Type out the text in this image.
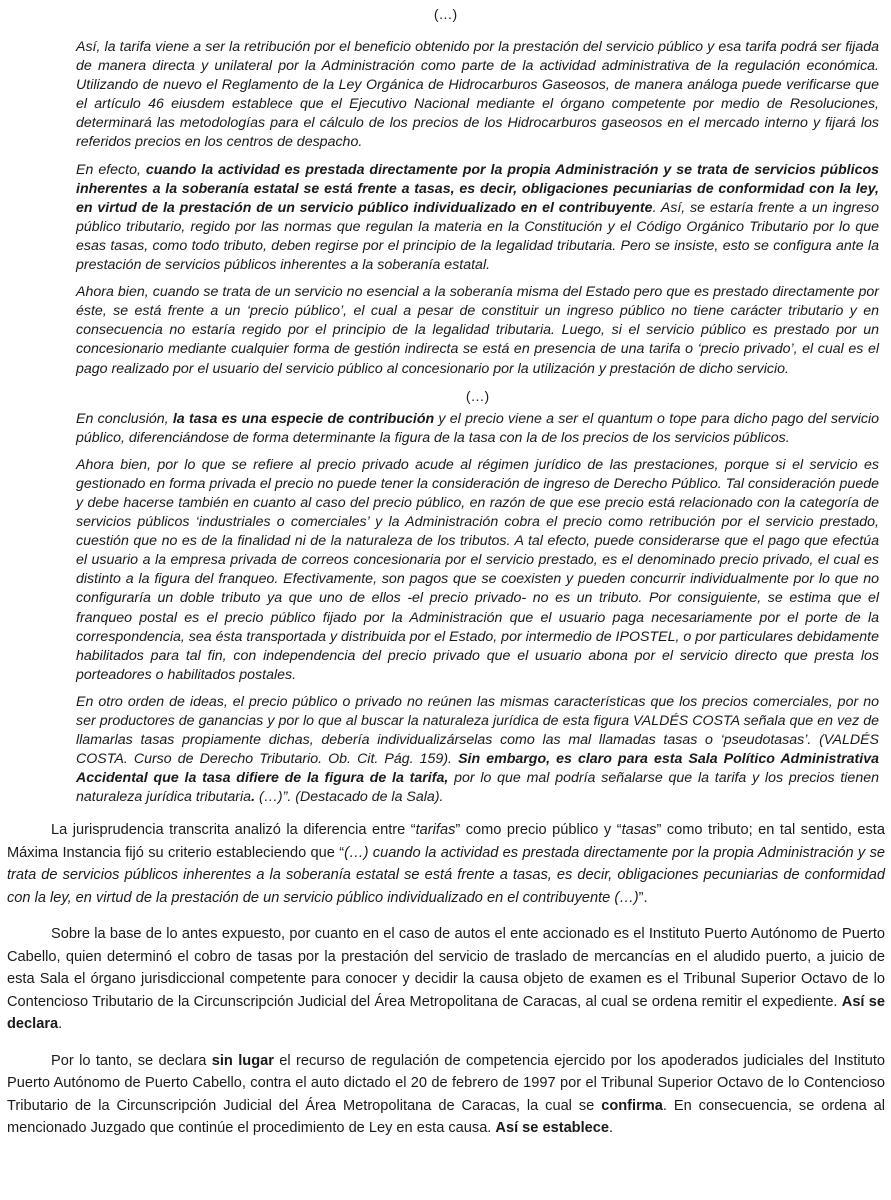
(…)

Así, la tarifa viene a ser la retribución por el beneficio obtenido por la prestación del servicio público y esa tarifa podrá ser fijada de manera directa y unilateral por la Administración como parte de la actividad administrativa de la regulación económica. Utilizando de nuevo el Reglamento de la Ley Orgánica de Hidrocarburos Gaseosos, de manera análoga puede verificarse que el artículo 46 eiusdem establece que el Ejecutivo Nacional mediante el órgano competente por medio de Resoluciones, determinará las metodologías para el cálculo de los precios de los Hidrocarburos gaseosos en el mercado interno y fijará los referidos precios en los centros de despacho.

En efecto, cuando la actividad es prestada directamente por la propia Administración y se trata de servicios públicos inherentes a la soberanía estatal se está frente a tasas, es decir, obligaciones pecuniarias de conformidad con la ley, en virtud de la prestación de un servicio público individualizado en el contribuyente. Así, se estaría frente a un ingreso público tributario, regido por las normas que regulan la materia en la Constitución y el Código Orgánico Tributario por lo que esas tasas, como todo tributo, deben regirse por el principio de la legalidad tributaria. Pero se insiste, esto se configura ante la prestación de servicios públicos inherentes a la soberanía estatal.

Ahora bien, cuando se trata de un servicio no esencial a la soberanía misma del Estado pero que es prestado directamente por éste, se está frente a un ‘precio público’, el cual a pesar de constituir un ingreso público no tiene carácter tributario y en consecuencia no estaría regido por el principio de la legalidad tributaria. Luego, si el servicio público es prestado por un concesionario mediante cualquier forma de gestión indirecta se está en presencia de una tarifa o ‘precio privado’, el cual es el pago realizado por el usuario del servicio público al concesionario por la utilización y prestación de dicho servicio.

(…)

En conclusión, la tasa es una especie de contribución y el precio viene a ser el quantum o tope para dicho pago del servicio público, diferenciándose de forma determinante la figura de la tasa con la de los precios de los servicios públicos.

Ahora bien, por lo que se refiere al precio privado acude al régimen jurídico de las prestaciones, porque si el servicio es gestionado en forma privada el precio no puede tener la consideración de ingreso de Derecho Público. Tal consideración puede y debe hacerse también en cuanto al caso del precio público, en razón de que ese precio está relacionado con la categoría de servicios públicos ‘industriales o comerciales’ y la Administración cobra el precio como retribución por el servicio prestado, cuestión que no es de la finalidad ni de la naturaleza de los tributos. A tal efecto, puede considerarse que el pago que efectúa el usuario a la empresa privada de correos concesionaria por el servicio prestado, es el denominado precio privado, el cual es distinto a la figura del franqueo. Efectivamente, son pagos que se coexisten y pueden concurrir individualmente por lo que no configuraría un doble tributo ya que uno de ellos -el precio privado- no es un tributo. Por consiguiente, se estima que el franqueo postal es el precio público fijado por la Administración que el usuario paga necesariamente por el porte de la correspondencia, sea ésta transportada y distribuida por el Estado, por intermedio de IPOSTEL, o por particulares debidamente habilitados para tal fin, con independencia del precio privado que el usuario abona por el servicio directo que presta los porteadores o habilitados postales.

En otro orden de ideas, el precio público o privado no reúnen las mismas características que los precios comerciales, por no ser productores de ganancias y por lo que al buscar la naturaleza jurídica de esta figura VALDÉS COSTA señala que en vez de llamarlas tasas propiamente dichas, debería individualizárselas como las mal llamadas tasas o ‘pseudotasas’. (VALDÉS COSTA. Curso de Derecho Tributario. Ob. Cit. Pág. 159). Sin embargo, es claro para esta Sala Político Administrativa Accidental que la tasa difiere de la figura de la tarifa, por lo que mal podría señalarse que la tarifa y los precios tienen naturaleza jurídica tributaria. (…)”. (Destacado de la Sala).

La jurisprudencia transcrita analizó la diferencia entre “tarifas” como precio público y “tasas” como tributo; en tal sentido, esta Máxima Instancia fijó su criterio estableciendo que “(…) cuando la actividad es prestada directamente por la propia Administración y se trata de servicios públicos inherentes a la soberanía estatal se está frente a tasas, es decir, obligaciones pecuniarias de conformidad con la ley, en virtud de la prestación de un servicio público individualizado en el contribuyente (…)”.

Sobre la base de lo antes expuesto, por cuanto en el caso de autos el ente accionado es el Instituto Puerto Autónomo de Puerto Cabello, quien determinó el cobro de tasas por la prestación del servicio de traslado de mercancías en el aludido puerto, a juicio de esta Sala el órgano jurisdiccional competente para conocer y decidir la causa objeto de examen es el Tribunal Superior Octavo de lo Contencioso Tributario de la Circunscripción Judicial del Área Metropolitana de Caracas, al cual se ordena remitir el expediente. Así se declara.

Por lo tanto, se declara sin lugar el recurso de regulación de competencia ejercido por los apoderados judiciales del Instituto Puerto Autónomo de Puerto Cabello, contra el auto dictado el 20 de febrero de 1997 por el Tribunal Superior Octavo de lo Contencioso Tributario de la Circunscripción Judicial del Área Metropolitana de Caracas, la cual se confirma. En consecuencia, se ordena al mencionado Juzgado que continúe el procedimiento de Ley en esta causa. Así se establece.
